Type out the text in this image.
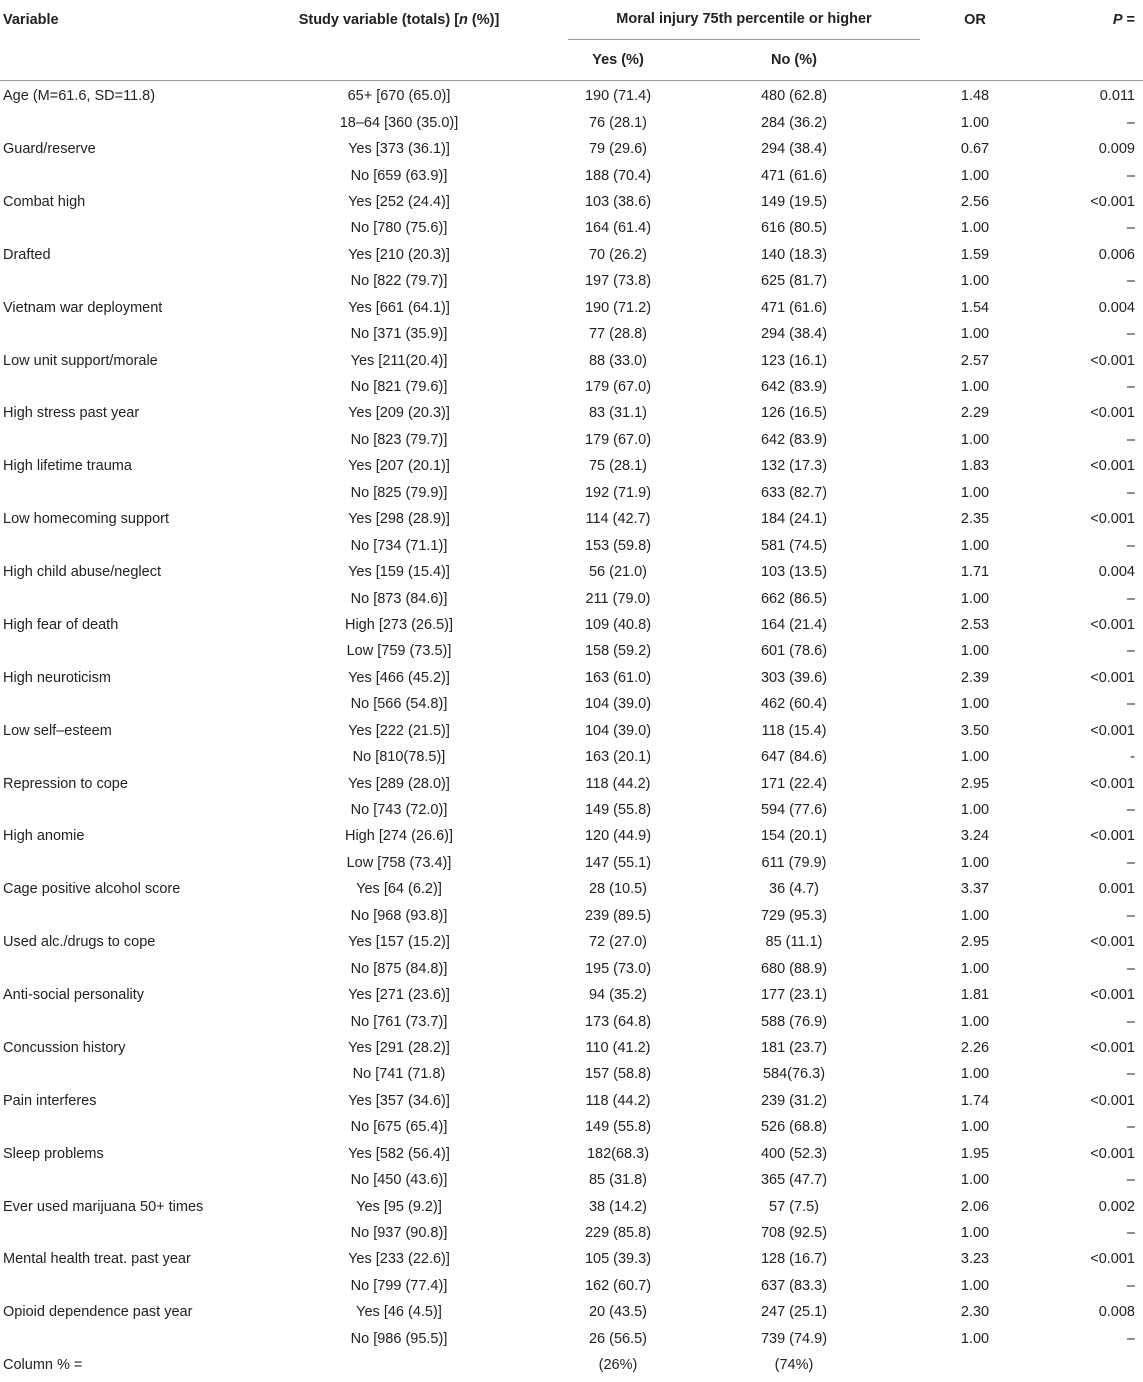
Variable	Study variable (totals) [n (%)]	Moral injury 75th percentile or higher		OR	P =
		Yes (%)	No (%)		
Age (M=61.6, SD=11.8)	65+ [670 (65.0)]	190 (71.4)	480 (62.8)	1.48	0.011
	18–64 [360 (35.0)]	76 (28.1)	284 (36.2)	1.00	–
Guard/reserve	Yes [373 (36.1)]	79 (29.6)	294 (38.4)	0.67	0.009
	No [659 (63.9)]	188 (70.4)	471 (61.6)	1.00	–
Combat high	Yes [252 (24.4)]	103 (38.6)	149 (19.5)	2.56	<0.001
	No [780 (75.6)]	164 (61.4)	616 (80.5)	1.00	–
Drafted	Yes [210 (20.3)]	70 (26.2)	140 (18.3)	1.59	0.006
	No [822 (79.7)]	197 (73.8)	625 (81.7)	1.00	–
Vietnam war deployment	Yes [661 (64.1)]	190 (71.2)	471 (61.6)	1.54	0.004
	No [371 (35.9)]	77 (28.8)	294 (38.4)	1.00	–
Low unit support/morale	Yes [211(20.4)]	88 (33.0)	123 (16.1)	2.57	<0.001
	No [821 (79.6)]	179 (67.0)	642 (83.9)	1.00	–
High stress past year	Yes [209 (20.3)]	83 (31.1)	126 (16.5)	2.29	<0.001
	No [823 (79.7)]	179 (67.0)	642 (83.9)	1.00	–
High lifetime trauma	Yes [207 (20.1)]	75 (28.1)	132 (17.3)	1.83	<0.001
	No [825 (79.9)]	192 (71.9)	633 (82.7)	1.00	–
Low homecoming support	Yes [298 (28.9)]	114 (42.7)	184 (24.1)	2.35	<0.001
	No [734 (71.1)]	153 (59.8)	581 (74.5)	1.00	–
High child abuse/neglect	Yes [159 (15.4)]	56 (21.0)	103 (13.5)	1.71	0.004
	No [873 (84.6)]	211 (79.0)	662 (86.5)	1.00	–
High fear of death	High [273 (26.5)]	109 (40.8)	164 (21.4)	2.53	<0.001
	Low [759 (73.5)]	158 (59.2)	601 (78.6)	1.00	–
High neuroticism	Yes [466 (45.2)]	163 (61.0)	303 (39.6)	2.39	<0.001
	No [566 (54.8)]	104 (39.0)	462 (60.4)	1.00	–
Low self–esteem	Yes [222 (21.5)]	104 (39.0)	118 (15.4)	3.50	<0.001
	No [810(78.5)]	163 (20.1)	647 (84.6)	1.00	-
Repression to cope	Yes [289 (28.0)]	118 (44.2)	171 (22.4)	2.95	<0.001
	No [743 (72.0)]	149 (55.8)	594 (77.6)	1.00	–
High anomie	High [274 (26.6)]	120 (44.9)	154 (20.1)	3.24	<0.001
	Low [758 (73.4)]	147 (55.1)	611 (79.9)	1.00	–
Cage positive alcohol score	Yes [64 (6.2)]	28 (10.5)	36 (4.7)	3.37	0.001
	No [968 (93.8)]	239 (89.5)	729 (95.3)	1.00	–
Used alc./drugs to cope	Yes [157 (15.2)]	72 (27.0)	85 (11.1)	2.95	<0.001
	No [875 (84.8)]	195 (73.0)	680 (88.9)	1.00	–
Anti-social personality	Yes [271 (23.6)]	94 (35.2)	177 (23.1)	1.81	<0.001
	No [761 (73.7)]	173 (64.8)	588 (76.9)	1.00	–
Concussion history	Yes [291 (28.2)]	110 (41.2)	181 (23.7)	2.26	<0.001
	No [741 (71.8)	157 (58.8)	584(76.3)	1.00	–
Pain interferes	Yes [357 (34.6)]	118 (44.2)	239 (31.2)	1.74	<0.001
	No [675 (65.4)]	149 (55.8)	526 (68.8)	1.00	–
Sleep problems	Yes [582 (56.4)]	182(68.3)	400 (52.3)	1.95	<0.001
	No [450 (43.6)]	85 (31.8)	365 (47.7)	1.00	–
Ever used marijuana 50+ times	Yes [95 (9.2)]	38 (14.2)	57 (7.5)	2.06	0.002
	No [937 (90.8)]	229 (85.8)	708 (92.5)	1.00	–
Mental health treat. past year	Yes [233 (22.6)]	105 (39.3)	128 (16.7)	3.23	<0.001
	No [799 (77.4)]	162 (60.7)	637 (83.3)	1.00	–
Opioid dependence past year	Yes [46 (4.5)]	20 (43.5)	247 (25.1)	2.30	0.008
	No [986 (95.5)]	26 (56.5)	739 (74.9)	1.00	–
Column % =		(26%)	(74%)		
